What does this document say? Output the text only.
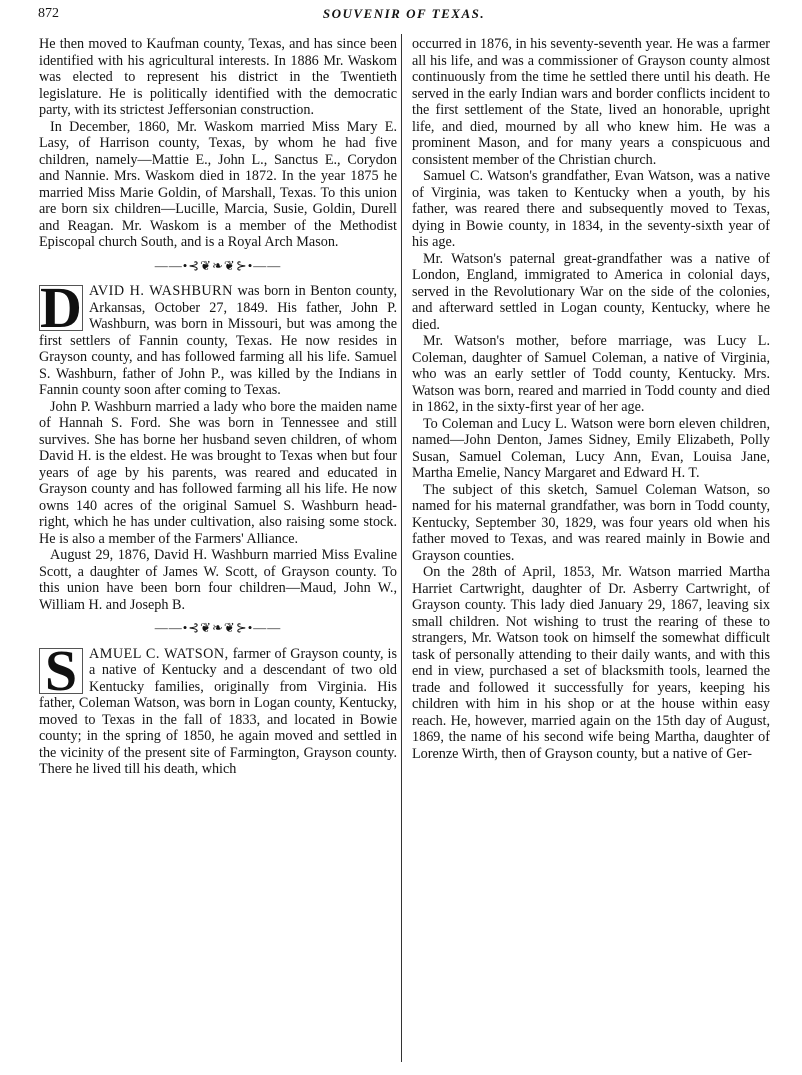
872	SOUVENIR OF TEXAS.

He then moved to Kaufman county, Texas, and has since been identified with his agricultural interests. In 1886 Mr. Waskom was elected to represent his district in the Twentieth legislature. He is politically identified with the democratic party, with its strictest Jeffersonian construction.

In December, 1860, Mr. Waskom married Miss Mary E. Lasy, of Harrison county, Texas, by whom he had five children, namely—Mattie E., John L., Sanctus E., Corydon and Nannie. Mrs. Waskom died in 1872. In the year 1875 he married Miss Marie Goldin, of Marshall, Texas. To this union are born six children—Lucille, Marcia, Susie, Goldin, Durell and Reagan. Mr. Waskom is a member of the Methodist Episcopal church South, and is a Royal Arch Mason.

——•⊰❦❧❦⊱•——

D AVID H. WASHBURN was born in Benton county, Arkansas, October 27, 1849. His father, John P. Washburn, was born in Missouri, but was among the first settlers of Fannin county, Texas. He now resides in Grayson county, and has followed farming all his life. Samuel S. Washburn, father of John P., was killed by the Indians in Fannin county soon after coming to Texas.

John P. Washburn married a lady who bore the maiden name of Hannah S. Ford. She was born in Tennessee and still survives. She has borne her husband seven children, of whom David H. is the eldest. He was brought to Texas when but four years of age by his parents, was reared and educated in Grayson county and has followed farming all his life. He now owns 140 acres of the original Samuel S. Washburn head-right, which he has under cultivation, also raising some stock. He is also a member of the Farmers' Alliance.

August 29, 1876, David H. Washburn married Miss Evaline Scott, a daughter of James W. Scott, of Grayson county. To this union have been born four children—Maud, John W., William H. and Joseph B.

——•⊰❦❧❦⊱•——

S AMUEL C. WATSON, farmer of Grayson county, is a native of Kentucky and a descendant of two old Kentucky families, originally from Virginia. His father, Coleman Watson, was born in Logan county, Kentucky, moved to Texas in the fall of 1833, and located in Bowie county; in the spring of 1850, he again moved and settled in the vicinity of the present site of Farmington, Grayson county. There he lived till his death, which

occurred in 1876, in his seventy-seventh year. He was a farmer all his life, and was a commissioner of Grayson county almost continuously from the time he settled there until his death. He served in the early Indian wars and border conflicts incident to the first settlement of the State, lived an honorable, upright life, and died, mourned by all who knew him. He was a prominent Mason, and for many years a conspicuous and consistent member of the Christian church.

Samuel C. Watson's grandfather, Evan Watson, was a native of Virginia, was taken to Kentucky when a youth, by his father, was reared there and subsequently moved to Texas, dying in Bowie county, in 1834, in the seventy-sixth year of his age.

Mr. Watson's paternal great-grandfather was a native of London, England, immigrated to America in colonial days, served in the Revolutionary War on the side of the colonies, and afterward settled in Logan county, Kentucky, where he died.

Mr. Watson's mother, before marriage, was Lucy L. Coleman, daughter of Samuel Coleman, a native of Virginia, who was an early settler of Todd county, Kentucky. Mrs. Watson was born, reared and married in Todd county and died in 1862, in the sixty-first year of her age.

To Coleman and Lucy L. Watson were born eleven children, named—John Denton, James Sidney, Emily Elizabeth, Polly Susan, Samuel Coleman, Lucy Ann, Evan, Louisa Jane, Martha Emelie, Nancy Margaret and Edward H. T.

The subject of this sketch, Samuel Coleman Watson, so named for his maternal grandfather, was born in Todd county, Kentucky, September 30, 1829, was four years old when his father moved to Texas, and was reared mainly in Bowie and Grayson counties.

On the 28th of April, 1853, Mr. Watson married Martha Harriet Cartwright, daughter of Dr. Asberry Cartwright, of Grayson county. This lady died January 29, 1867, leaving six small children. Not wishing to trust the rearing of these to strangers, Mr. Watson took on himself the somewhat difficult task of personally attending to their daily wants, and with this end in view, purchased a set of blacksmith tools, learned the trade and followed it successfully for years, keeping his children with him in his shop or at the house within easy reach. He, however, married again on the 15th day of August, 1869, the name of his second wife being Martha, daughter of Lorenze Wirth, then of Grayson county, but a native of Ger-
